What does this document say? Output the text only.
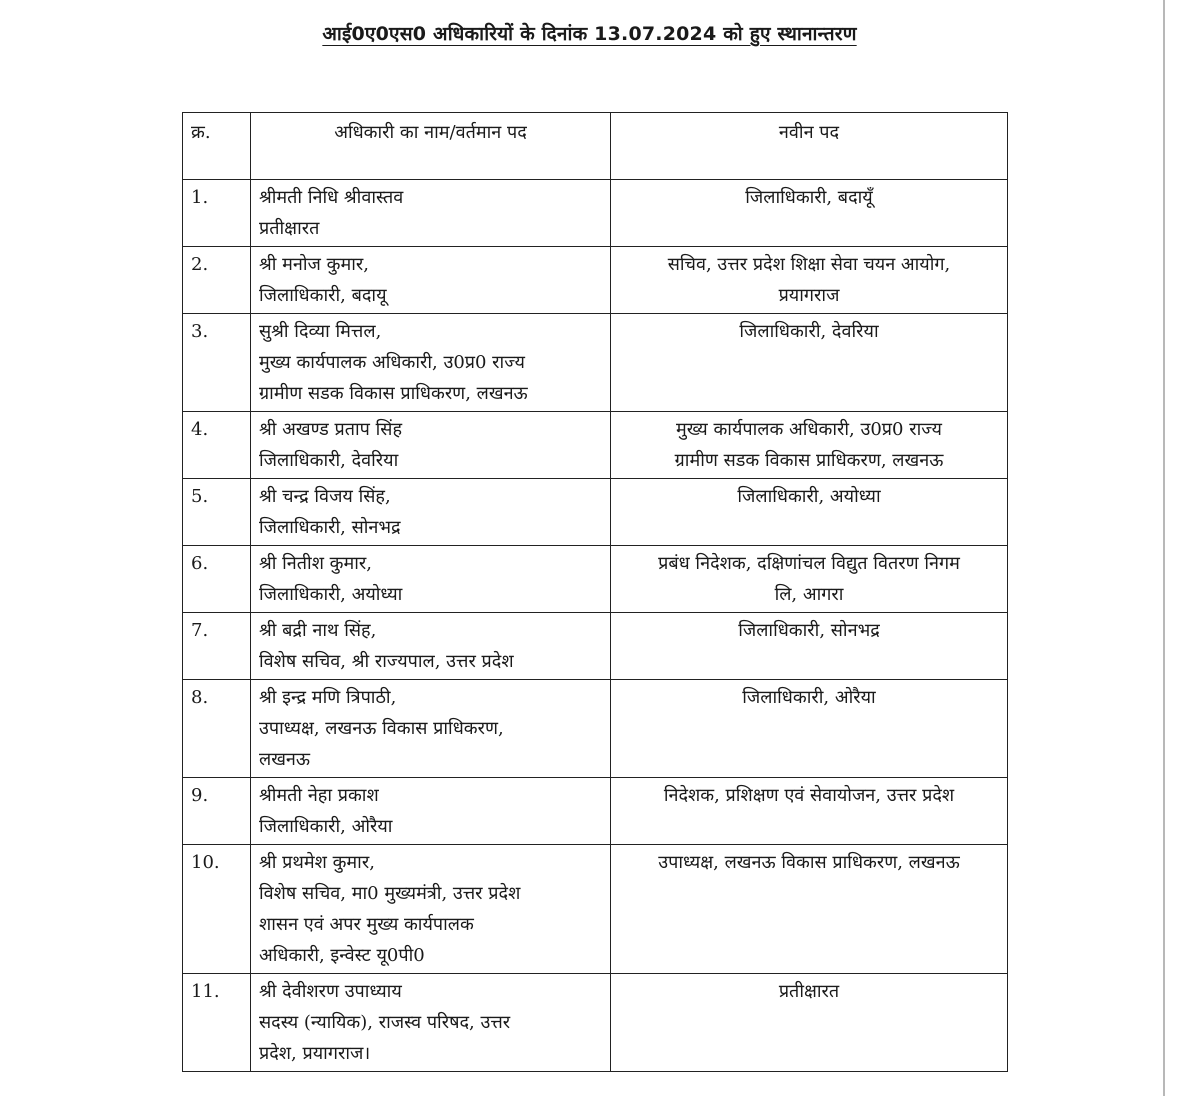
आई0ए0एस0 अधिकारियों के दिनांक 13.07.2024 को हुए स्थानान्तरण
क्र.	अधिकारी का नाम/वर्तमान पद	नवीन पद
1.	श्रीमती निधि श्रीवास्तव
प्रतीक्षारत	जिलाधिकारी, बदायूँ

2.	श्री मनोज कुमार,
जिलाधिकारी, बदायू	सचिव, उत्तर प्रदेश शिक्षा सेवा चयन आयोग,
प्रयागराज

3.	सुश्री दिव्या मित्तल,
मुख्य कार्यपालक अधिकारी, उ0प्र0 राज्य
ग्रामीण सडक विकास प्राधिकरण, लखनऊ	जिलाधिकारी, देवरिया

4.	श्री अखण्ड प्रताप सिंह
जिलाधिकारी, देवरिया	मुख्य कार्यपालक अधिकारी, उ0प्र0 राज्य
ग्रामीण सडक विकास प्राधिकरण, लखनऊ

5.	श्री चन्द्र विजय सिंह,
जिलाधिकारी, सोनभद्र	जिलाधिकारी, अयोध्या

6.	श्री नितीश कुमार,
जिलाधिकारी, अयोध्या	प्रबंध निदेशक, दक्षिणांचल विद्युत वितरण निगम
लि, आगरा

7.	श्री बद्री नाथ सिंह,
विशेष सचिव, श्री राज्यपाल, उत्तर प्रदेश	जिलाधिकारी, सोनभद्र

8.	श्री इन्द्र मणि त्रिपाठी,
उपाध्यक्ष, लखनऊ विकास प्राधिकरण,
लखनऊ	जिलाधिकारी, ओरैया

9.	श्रीमती नेहा प्रकाश
जिलाधिकारी, ओरैया	निदेशक, प्रशिक्षण एवं सेवायोजन, उत्तर प्रदेश

10.	श्री प्रथमेश कुमार,
विशेष सचिव, मा0 मुख्यमंत्री, उत्तर प्रदेश
शासन एवं अपर मुख्य कार्यपालक
अधिकारी, इन्वेस्ट यू0पी0	उपाध्यक्ष, लखनऊ विकास प्राधिकरण, लखनऊ

11.	श्री देवीशरण उपाध्याय
सदस्य (न्यायिक), राजस्व परिषद, उत्तर
प्रदेश, प्रयागराज।	प्रतीक्षारत
